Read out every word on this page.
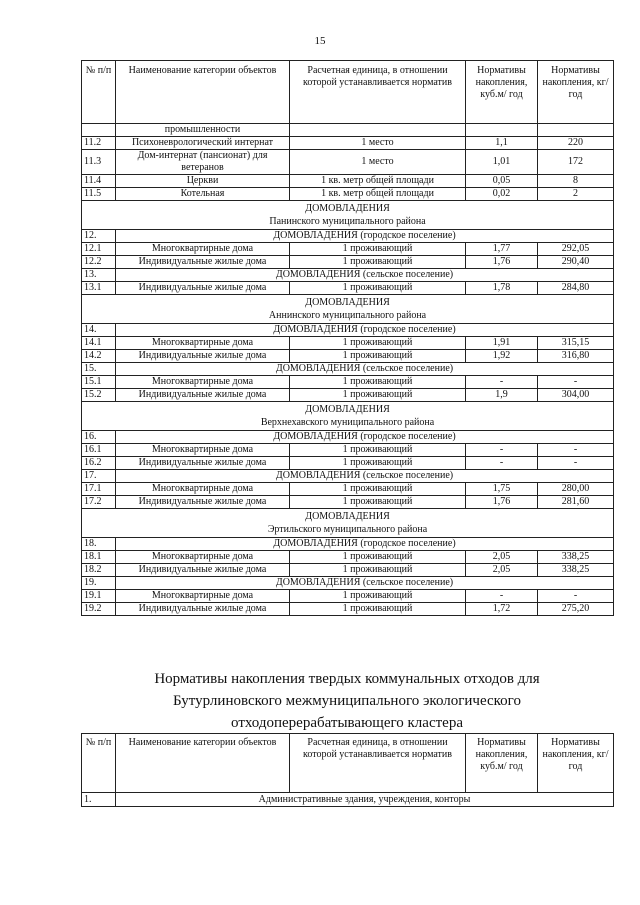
15
№ п/п	Наименование категории объектов	Расчетная единица, в отношении которой устанавливается норматив	Нормативы накопления, куб.м/ год	Нормативы накопления, кг/ год
	промышленности			
11.2	Психоневрологический интернат	1 место	1,1	220
11.3	Дом-интернат (пансионат) для ветеранов	1 место	1,01	172
11.4	Церкви	1 кв. метр общей площади	0,05	8
11.5	Котельная	1 кв. метр общей площади	0,02	2

ДОМОВЛАДЕНИЯ
Панинского муниципального района				

12.	ДОМОВЛАДЕНИЯ (городское поселение)			
12.1	Многоквартирные дома	1 проживающий	1,77	292,05
12.2	Индивидуальные жилые дома	1 проживающий	1,76	290,40
13.	ДОМОВЛАДЕНИЯ (сельское поселение)			
13.1	Индивидуальные жилые дома	1 проживающий	1,78	284,80

ДОМОВЛАДЕНИЯ
Аннинского муниципального района				

14.	ДОМОВЛАДЕНИЯ (городское поселение)			
14.1	Многоквартирные дома	1 проживающий	1,91	315,15
14.2	Индивидуальные жилые дома	1 проживающий	1,92	316,80
15.	ДОМОВЛАДЕНИЯ (сельское поселение)			
15.1	Многоквартирные дома	1 проживающий	-	-
15.2	Индивидуальные жилые дома	1 проживающий	1,9	304,00

ДОМОВЛАДЕНИЯ
Верхнехавского муниципального района				

16.	ДОМОВЛАДЕНИЯ (городское поселение)			
16.1	Многоквартирные дома	1 проживающий	-	-
16.2	Индивидуальные жилые дома	1 проживающий	-	-
17.	ДОМОВЛАДЕНИЯ (сельское поселение)			
17.1	Многоквартирные дома	1 проживающий	1,75	280,00
17.2	Индивидуальные жилые дома	1 проживающий	1,76	281,60

ДОМОВЛАДЕНИЯ
Эртильского муниципального района				

18.	ДОМОВЛАДЕНИЯ (городское поселение)			
18.1	Многоквартирные дома	1 проживающий	2,05	338,25
18.2	Индивидуальные жилые дома	1 проживающий	2,05	338,25
19.	ДОМОВЛАДЕНИЯ (сельское поселение)			
19.1	Многоквартирные дома	1 проживающий	-	-
19.2	Индивидуальные жилые дома	1 проживающий	1,72	275,20
Нормативы накопления твердых коммунальных отходов для
Бутурлиновского межмуниципального экологического
отходоперерабатывающего кластера
№ п/п	Наименование категории объектов	Расчетная единица, в отношении которой устанавливается норматив	Нормативы накопления, куб.м/ год	Нормативы накопления, кг/ год
1.	Административные здания, учреждения, конторы			
